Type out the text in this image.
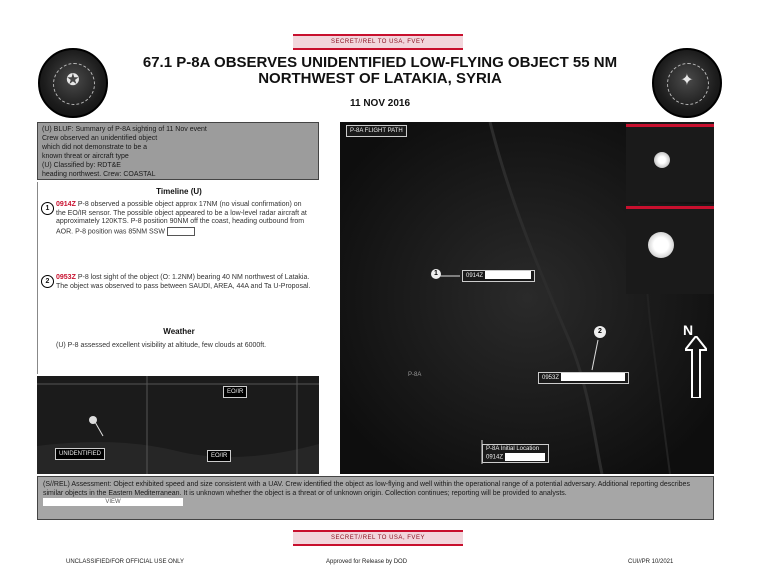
SECRET//REL TO USA, FVEY
SECRET//REL TO USA, FVEY
✪	✦
67.1 P-8A OBSERVES UNIDENTIFIED LOW-FLYING OBJECT 55 NM
NORTHWEST OF LATAKIA, SYRIA
11 NOV 2016
(U) BLUF: Summary of P-8A sighting of 11 Nov event
Crew observed an unidentified object
which did not demonstrate to be a
known threat or aircraft type
(U) Classified by: RDT&E
heading northwest. Crew: COASTAL
Timeline (U)
1
0914Z P-8 observed a possible object approx 17NM (no visual confirmation) on the EO/IR sensor. The possible object appeared to be a low-level radar aircraft at approximately 120KTS. P-8 position 90NM off the coast, heading outbound from AOR. P-8 position was 85NM SSW
2
0953Z P-8 lost sight of the object (O: 1.2NM) bearing 40 NM northwest of Latakia. The object was observed to pass between SAUDI, AREA, 44A and Ta U-Proposal.
Weather
(U) P-8 assessed excellent visibility at altitude, few clouds at 6000ft.
P-8A FLIGHT PATH
1	0914Z
2
0953Z
P-8A
P-8A Initial Location
0914Z
N
EO/IR
EO/IR
UNIDENTIFIED
(S//REL) Assessment: Object exhibited speed and size consistent with a UAV. Crew identified the object as low-flying and well within the operational range of a potential adversary. Additional reporting describes similar objects in the Eastern Mediterranean. It is unknown whether the object is a threat or of unknown origin. Collection continues; reporting will be provided to analysts. VIEW
UNCLASSIFIED/FOR OFFICIAL USE ONLY	Approved for Release by DOD	CUI//PR 10/2021
